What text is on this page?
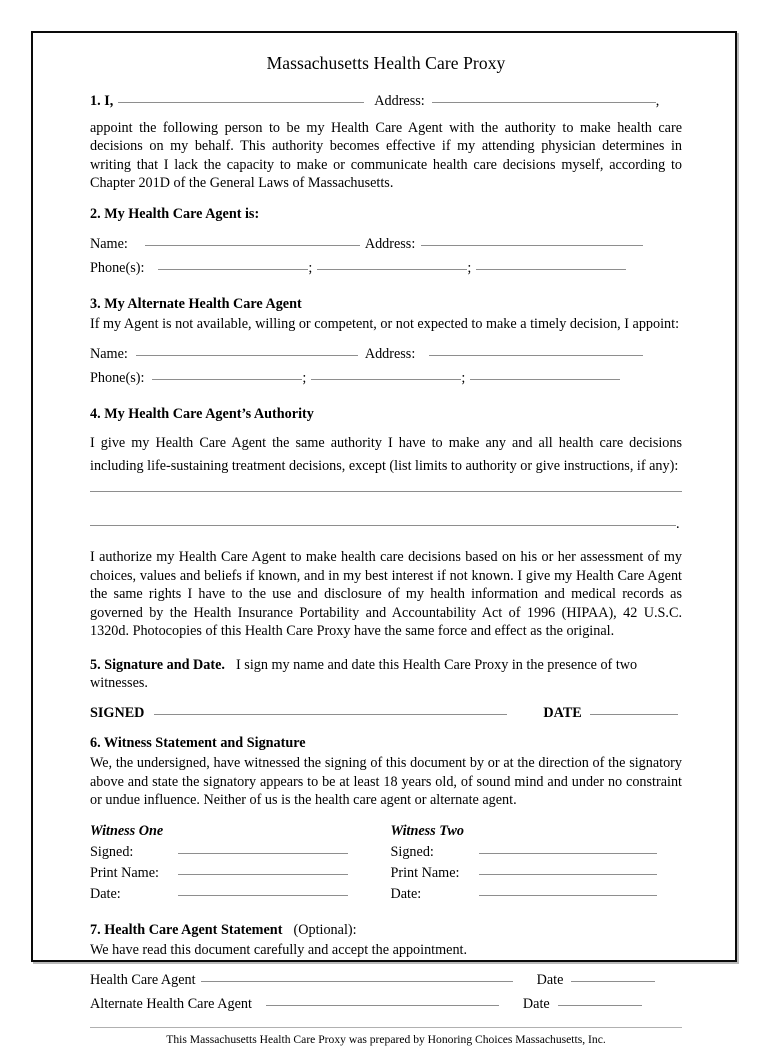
Massachusetts Health Care Proxy
1. I,	Address:	,

appoint the following person to be my Health Care Agent with the authority to make health care decisions on my behalf. This authority becomes effective if my attending physician determines in writing that I lack the capacity to make or communicate health care decisions myself, according to Chapter 201D of the General Laws of Massachusetts.

2. My Health Care Agent is:
Name:	Address:
Phone(s):	;	;
3. My Alternate Health Care Agent

If my Agent is not available, willing or competent, or not expected to make a timely decision, I appoint:

Name:	Address:
Phone(s):	;	;
4. My Health Care Agent’s Authority

I give my Health Care Agent the same authority I have to make any and all health care decisions including life-sustaining treatment decisions, except (list limits to authority or give instructions, if any):

.

I authorize my Health Care Agent to make health care decisions based on his or her assessment of my choices, values and beliefs if known, and in my best interest if not known. I give my Health Care Agent the same rights I have to the use and disclosure of my health information and medical records as governed by the Health Insurance Portability and Accountability Act of 1996 (HIPAA), 42 U.S.C. 1320d. Photocopies of this Health Care Proxy have the same force and effect as the original.

5. Signature and Date. I sign my name and date this Health Care Proxy in the presence of two witnesses.

SIGNED	DATE
6. Witness Statement and Signature

We, the undersigned, have witnessed the signing of this document by or at the direction of the signatory above and state the signatory appears to be at least 18 years old, of sound mind and under no constraint or undue influence. Neither of us is the health care agent or alternate agent.

Witness One
Signed:
Print Name:
Date:
Witness Two
Signed:
Print Name:
Date:
7. Health Care Agent Statement (Optional):

We have read this document carefully and accept the appointment.

Health Care Agent	Date
Alternate Health Care Agent	Date
This Massachusetts Health Care Proxy was prepared by Honoring Choices Massachusetts, Inc.
